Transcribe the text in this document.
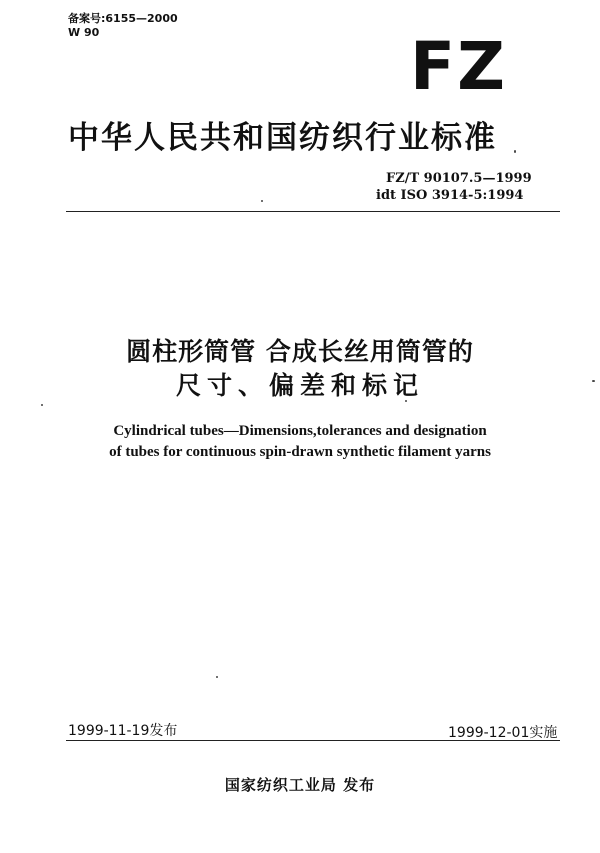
备案号:6155—2000
W 90	FZ
中华人民共和国纺织行业标准
FZ/T 90107.5—1999
idt ISO 3914-5:1994
圆柱形筒管 合成长丝用筒管的
尺寸、偏差和标记
Cylindrical tubes—Dimensions,tolerances and designation
of tubes for continuous spin-drawn synthetic filament yarns
1999-11-19发布	1999-12-01实施
国家纺织工业局 发布
